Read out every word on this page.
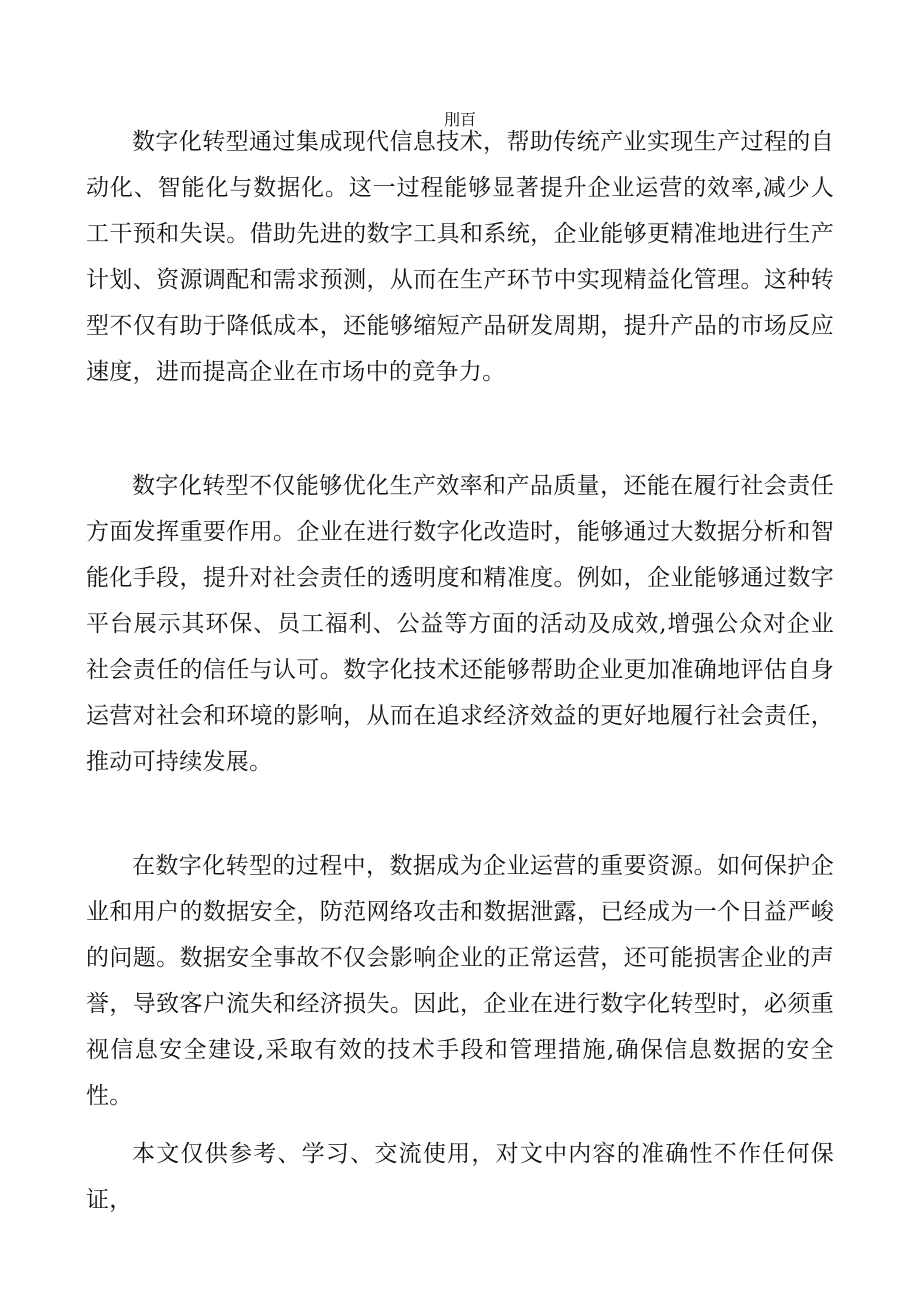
刖百

数字化转型通过集成现代信息技术，帮助传统产业实现生产过程的自动化、智能化与数据化。这一过程能够显著提升企业运营的效率,减少人工干预和失误。借助先进的数字工具和系统，企业能够更精准地进行生产计划、资源调配和需求预测，从而在生产环节中实现精益化管理。这种转型不仅有助于降低成本，还能够缩短产品研发周期，提升产品的市场反应速度，进而提高企业在市场中的竞争力。

数字化转型不仅能够优化生产效率和产品质量，还能在履行社会责任方面发挥重要作用。企业在进行数字化改造时，能够通过大数据分析和智能化手段，提升对社会责任的透明度和精准度。例如，企业能够通过数字平台展示其环保、员工福利、公益等方面的活动及成效,增强公众对企业社会责任的信任与认可。数字化技术还能够帮助企业更加准确地评估自身运营对社会和环境的影响，从而在追求经济效益的更好地履行社会责任，推动可持续发展。

在数字化转型的过程中，数据成为企业运营的重要资源。如何保护企业和用户的数据安全，防范网络攻击和数据泄露，已经成为一个日益严峻的问题。数据安全事故不仅会影响企业的正常运营，还可能损害企业的声誉，导致客户流失和经济损失。因此，企业在进行数字化转型时，必须重视信息安全建设,采取有效的技术手段和管理措施,确保信息数据的安全性。

本文仅供参考、学习、交流使用，对文中内容的准确性不作任何保证，
